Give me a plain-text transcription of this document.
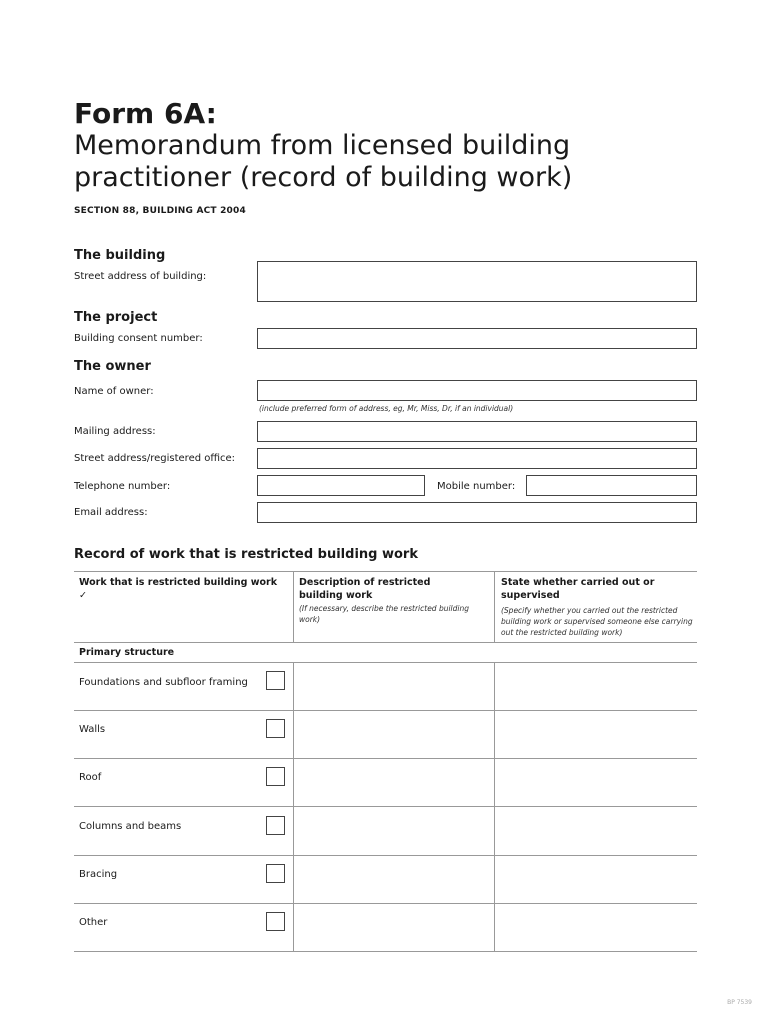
Form 6A:
Memorandum from licensed building practitioner (record of building work)
SECTION 88, BUILDING ACT 2004
The building
Street address of building:
The project
Building consent number:
The owner
Name of owner:
(include preferred form of address, eg, Mr, Miss, Dr, if an individual)
Mailing address:
Street address/registered office:
Telephone number:	Mobile number:
Email address:
Record of work that is restricted building work
Work that is restricted building work
✓
Description of restricted building work
(If necessary, describe the restricted building work)
State whether carried out or supervised
(Specify whether you carried out the restricted building work or supervised someone else carrying out the restricted building work)
Primary structure
Foundations and subfloor framing
Walls
Roof
Columns and beams
Bracing
Other
BP 7539
